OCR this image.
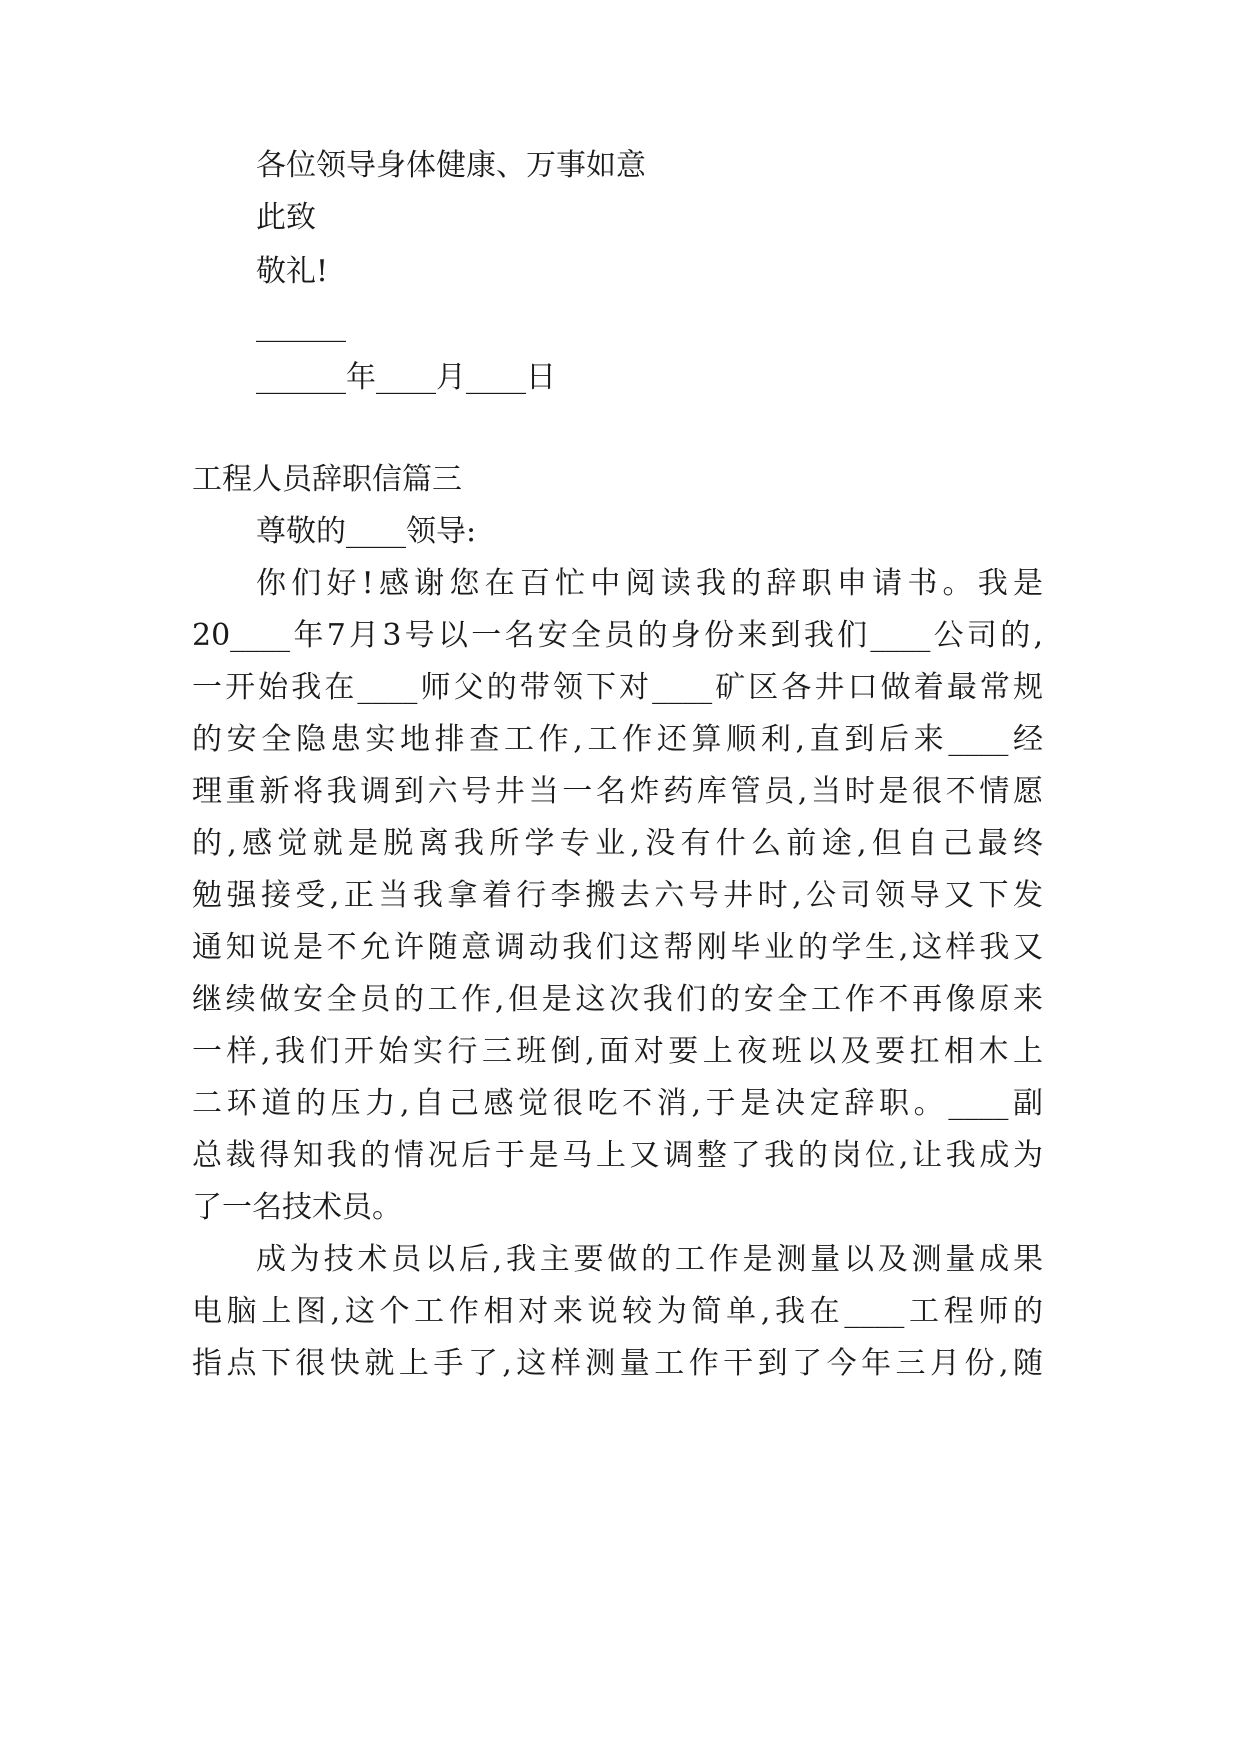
各位领导身体健康、万事如意
此致
敬礼!
______
______年____月____日
工程人员辞职信篇三
尊敬的____领导:
你们好!感谢您在百忙中阅读我的辞职申请书。我是
20____年7月3号以一名安全员的身份来到我们____公司的,
一开始我在____师父的带领下对____矿区各井口做着最常规
的安全隐患实地排查工作,工作还算顺利,直到后来____经
理重新将我调到六号井当一名炸药库管员,当时是很不情愿
的,感觉就是脱离我所学专业,没有什么前途,但自己最终
勉强接受,正当我拿着行李搬去六号井时,公司领导又下发
通知说是不允许随意调动我们这帮刚毕业的学生,这样我又
继续做安全员的工作,但是这次我们的安全工作不再像原来
一样,我们开始实行三班倒,面对要上夜班以及要扛相木上
二环道的压力,自己感觉很吃不消,于是决定辞职。____副
总裁得知我的情况后于是马上又调整了我的岗位,让我成为
了一名技术员。
成为技术员以后,我主要做的工作是测量以及测量成果
电脑上图,这个工作相对来说较为简单,我在____工程师的
指点下很快就上手了,这样测量工作干到了今年三月份,随
